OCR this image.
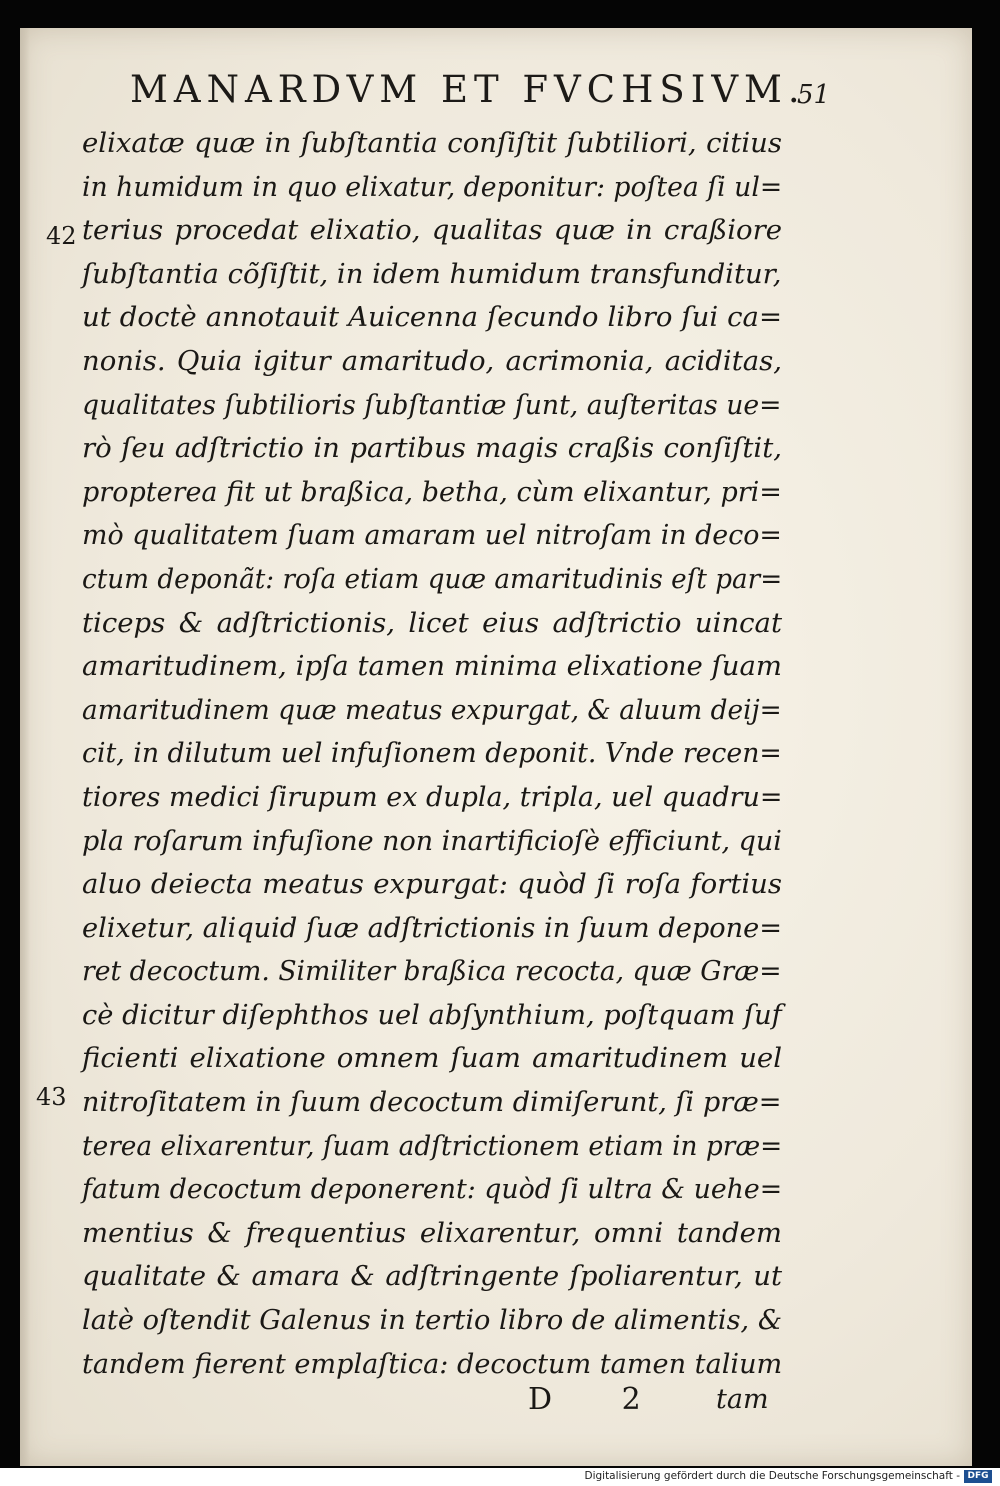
MANARDVM ET FVCHSIVM.
51
42
43
elixatæ quæ in ſubſtantia conſiſtit ſubtiliori, citius
in humidum in quo elixatur, deponitur: poſtea ſi ul=
terius procedat elixatio, qualitas quæ in craßiore
ſubſtantia cõſiſtit, in idem humidum transfunditur,
ut doctè annotauit Auicenna ſecundo libro ſui ca=
nonis. Quia igitur amaritudo, acrimonia, aciditas,
qualitates ſubtilioris ſubſtantiæ ſunt, auſteritas ue=
rò ſeu adſtrictio in partibus magis craßis conſiſtit,
propterea fit ut braßica, betha, cùm elixantur, pri=
mò qualitatem ſuam amaram uel nitroſam in deco=
ctum deponãt: roſa etiam quæ amaritudinis eſt par=
ticeps & adſtrictionis, licet eius adſtrictio uincat
amaritudinem, ipſa tamen minima elixatione ſuam
amaritudinem quæ meatus expurgat, & aluum deij=
cit, in dilutum uel infuſionem deponit. Vnde recen=
tiores medici ſirupum ex dupla, tripla, uel quadru=
pla roſarum infuſione non inartificioſè efficiunt, qui
aluo deiecta meatus expurgat: quòd ſi roſa fortius
elixetur, aliquid ſuæ adſtrictionis in ſuum depone=
ret decoctum. Similiter braßica recocta, quæ Græ=
cè dicitur diſephthos uel abſynthium, poſtquam ſuf
ficienti elixatione omnem ſuam amaritudinem uel
nitroſitatem in ſuum decoctum dimiſerunt, ſi præ=
terea elixarentur, ſuam adſtrictionem etiam in præ=
fatum decoctum deponerent: quòd ſi ultra & uehe=
mentius & frequentius elixarentur, omni tandem
qualitate & amara & adſtringente ſpoliarentur, ut
latè oſtendit Galenus in tertio libro de alimentis, &
tandem fierent emplaſtica: decoctum tamen talium
D 2 tam
Digitalisierung gefördert durch die Deutsche Forschungsgemeinschaft - DFG
